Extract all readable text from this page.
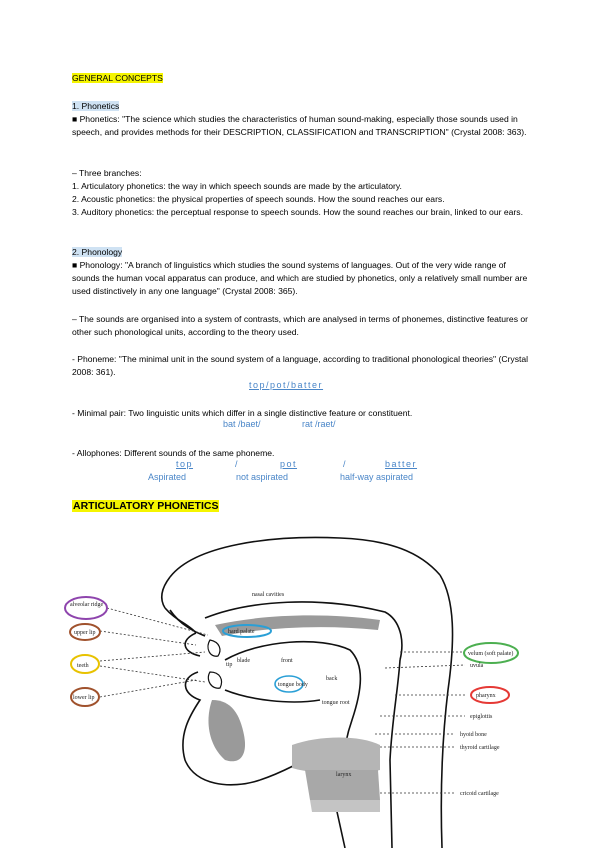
GENERAL CONCEPTS
1. Phonetics
■ Phonetics: "The science which studies the characteristics of human sound-making, especially those sounds used in speech, and provides methods for their DESCRIPTION, CLASSIFICATION and TRANSCRIPTION" (Crystal 2008: 363).
– Three branches:
1. Articulatory phonetics: the way in which speech sounds are made by the articulatory.
2. Acoustic phonetics: the physical properties of speech sounds. How the sound reaches our ears.
3. Auditory phonetics: the perceptual response to speech sounds. How the sound reaches our brain, linked to our ears.
2. Phonology
■ Phonology: "A branch of linguistics which studies the sound systems of languages. Out of the very wide range of sounds the human vocal apparatus can produce, and which are studied by phonetics, only a relatively small number are used distinctively in any one language" (Crystal 2008: 365).
– The sounds are organised into a system of contrasts, which are analysed in terms of phonemes, distinctive features or other such phonological units, according to the theory used.
- Phoneme: "The minimal unit in the sound system of a language, according to traditional phonological theories" (Crystal 2008: 361).
top/pot/batter
- Minimal pair: Two linguistic units which differ in a single distinctive feature or constituent.
bat /baet/	rat /raet/
- Allophones: Different sounds of the same phoneme.
top	/	pot	/	batter
Aspirated	not aspirated	half-way aspirated
ARTICULATORY PHONETICS
nasal cavities
hard palate
alveolar ridge
upper lip
teeth
lower lip
tip
blade	front
back
tongue body
tongue root
velum (soft palate)
uvula
pharynx
epiglottis
hyoid bone
thyroid cartilage
larynx
cricoid cartilage
